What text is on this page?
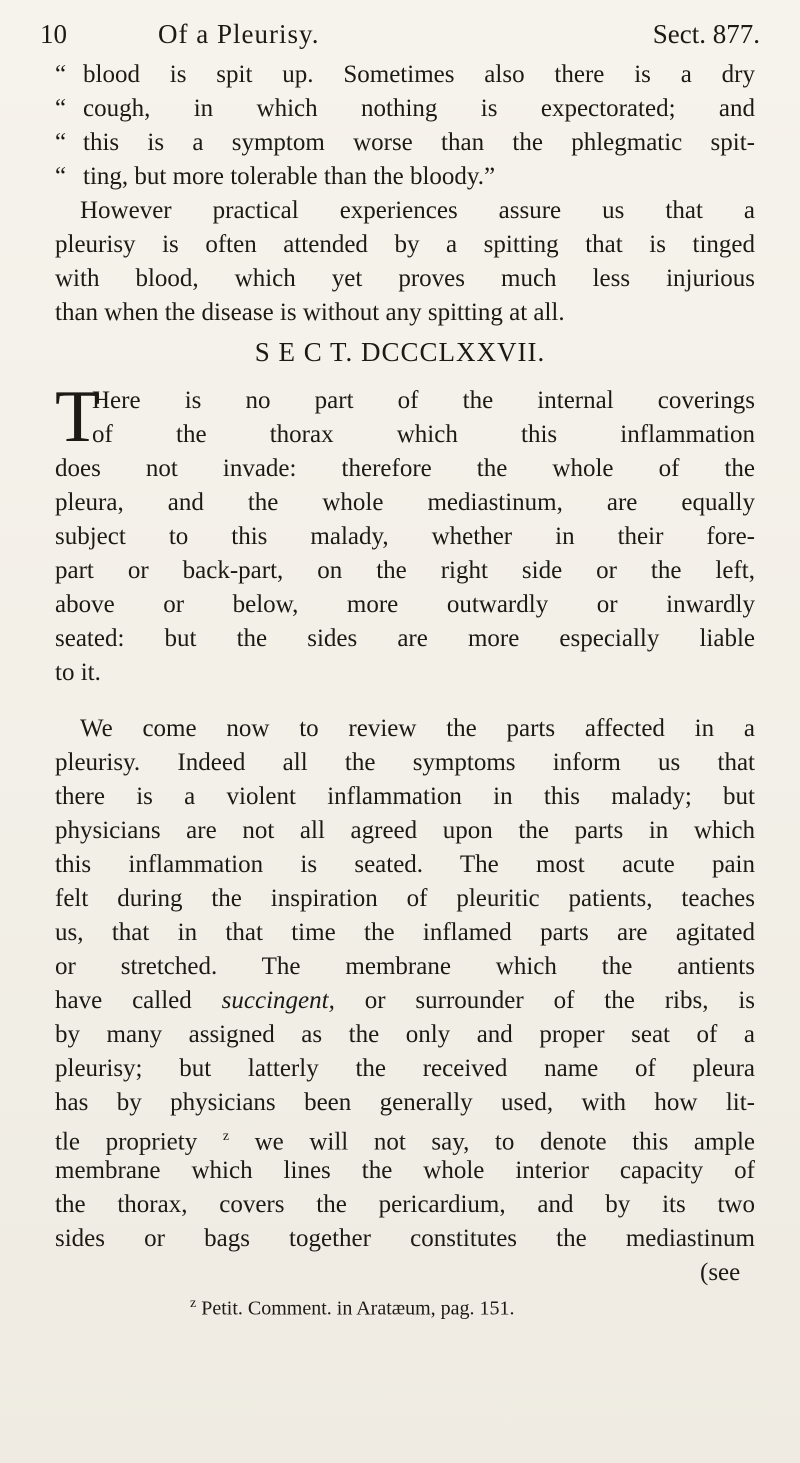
10	Of a Pleurisy.	Sect. 877.
“ blood is spit up. Sometimes also there is a dry
“ cough, in which nothing is expectorated; and
“ this is a symptom worse than the phlegmatic spit-
“ ting, but more tolerable than the bloody.”
However practical experiences assure us that a
pleurisy is often attended by a spitting that is tinged
with blood, which yet proves much less injurious
than when the disease is without any spitting at all.
S E C T. DCCCLXXVII.
T
Here is no part of the internal coverings
of the thorax which this inflammation
does not invade: therefore the whole of the
pleura, and the whole mediastinum, are equally
subject to this malady, whether in their fore-
part or back-part, on the right side or the left,
above or below, more outwardly or inwardly
seated: but the sides are more especially liable
to it.
We come now to review the parts affected in a
pleurisy. Indeed all the symptoms inform us that
there is a violent inflammation in this malady; but
physicians are not all agreed upon the parts in which
this inflammation is seated. The most acute pain
felt during the inspiration of pleuritic patients, teaches
us, that in that time the inflamed parts are agitated
or stretched. The membrane which the antients
have called succingent, or surrounder of the ribs, is
by many assigned as the only and proper seat of a
pleurisy; but latterly the received name of pleura
has by physicians been generally used, with how lit-
tle propriety $^z$ we will not say, to denote this ample
membrane which lines the whole interior capacity of
the thorax, covers the pericardium, and by its two
sides or bags together constitutes the mediastinum
(see
$^z$ Petit. Comment. in Aratæum, pag. 151.
